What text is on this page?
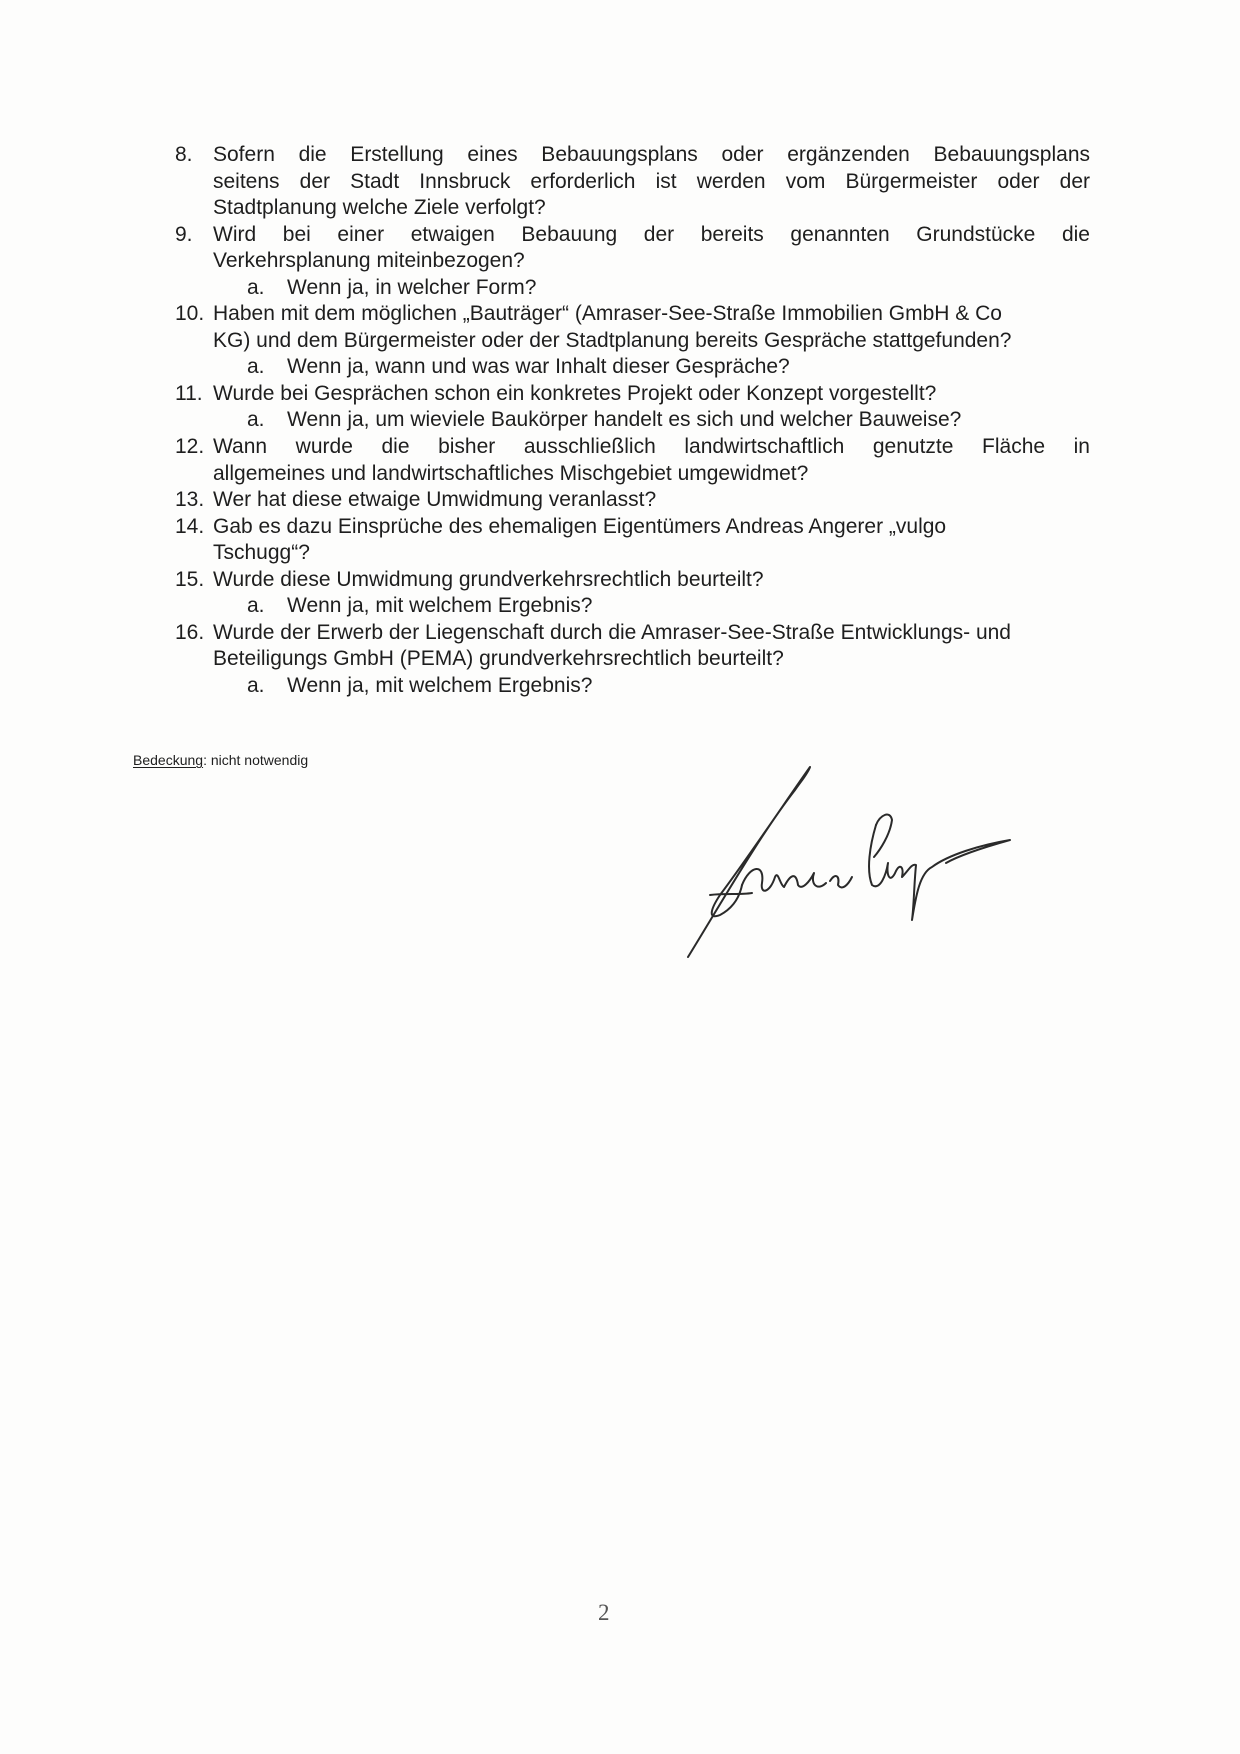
8. Sofern die Erstellung eines Bebauungsplans oder ergänzenden Bebauungsplans
seitens der Stadt Innsbruck erforderlich ist werden vom Bürgermeister oder der
Stadtplanung welche Ziele verfolgt?
9. Wird bei einer etwaigen Bebauung der bereits genannten Grundstücke die
Verkehrsplanung miteinbezogen?
a. Wenn ja, in welcher Form?
10. Haben mit dem möglichen „Bauträger“ (Amraser-See-Straße Immobilien GmbH & Co
KG) und dem Bürgermeister oder der Stadtplanung bereits Gespräche stattgefunden?
a. Wenn ja, wann und was war Inhalt dieser Gespräche?
11. Wurde bei Gesprächen schon ein konkretes Projekt oder Konzept vorgestellt?
a. Wenn ja, um wieviele Baukörper handelt es sich und welcher Bauweise?
12. Wann wurde die bisher ausschließlich landwirtschaftlich genutzte Fläche in
allgemeines und landwirtschaftliches Mischgebiet umgewidmet?
13. Wer hat diese etwaige Umwidmung veranlasst?
14. Gab es dazu Einsprüche des ehemaligen Eigentümers Andreas Angerer „vulgo
Tschugg“?
15. Wurde diese Umwidmung grundverkehrsrechtlich beurteilt?
a. Wenn ja, mit welchem Ergebnis?
16. Wurde der Erwerb der Liegenschaft durch die Amraser-See-Straße Entwicklungs- und
Beteiligungs GmbH (PEMA) grundverkehrsrechtlich beurteilt?
a. Wenn ja, mit welchem Ergebnis?
Bedeckung: nicht notwendig
2
